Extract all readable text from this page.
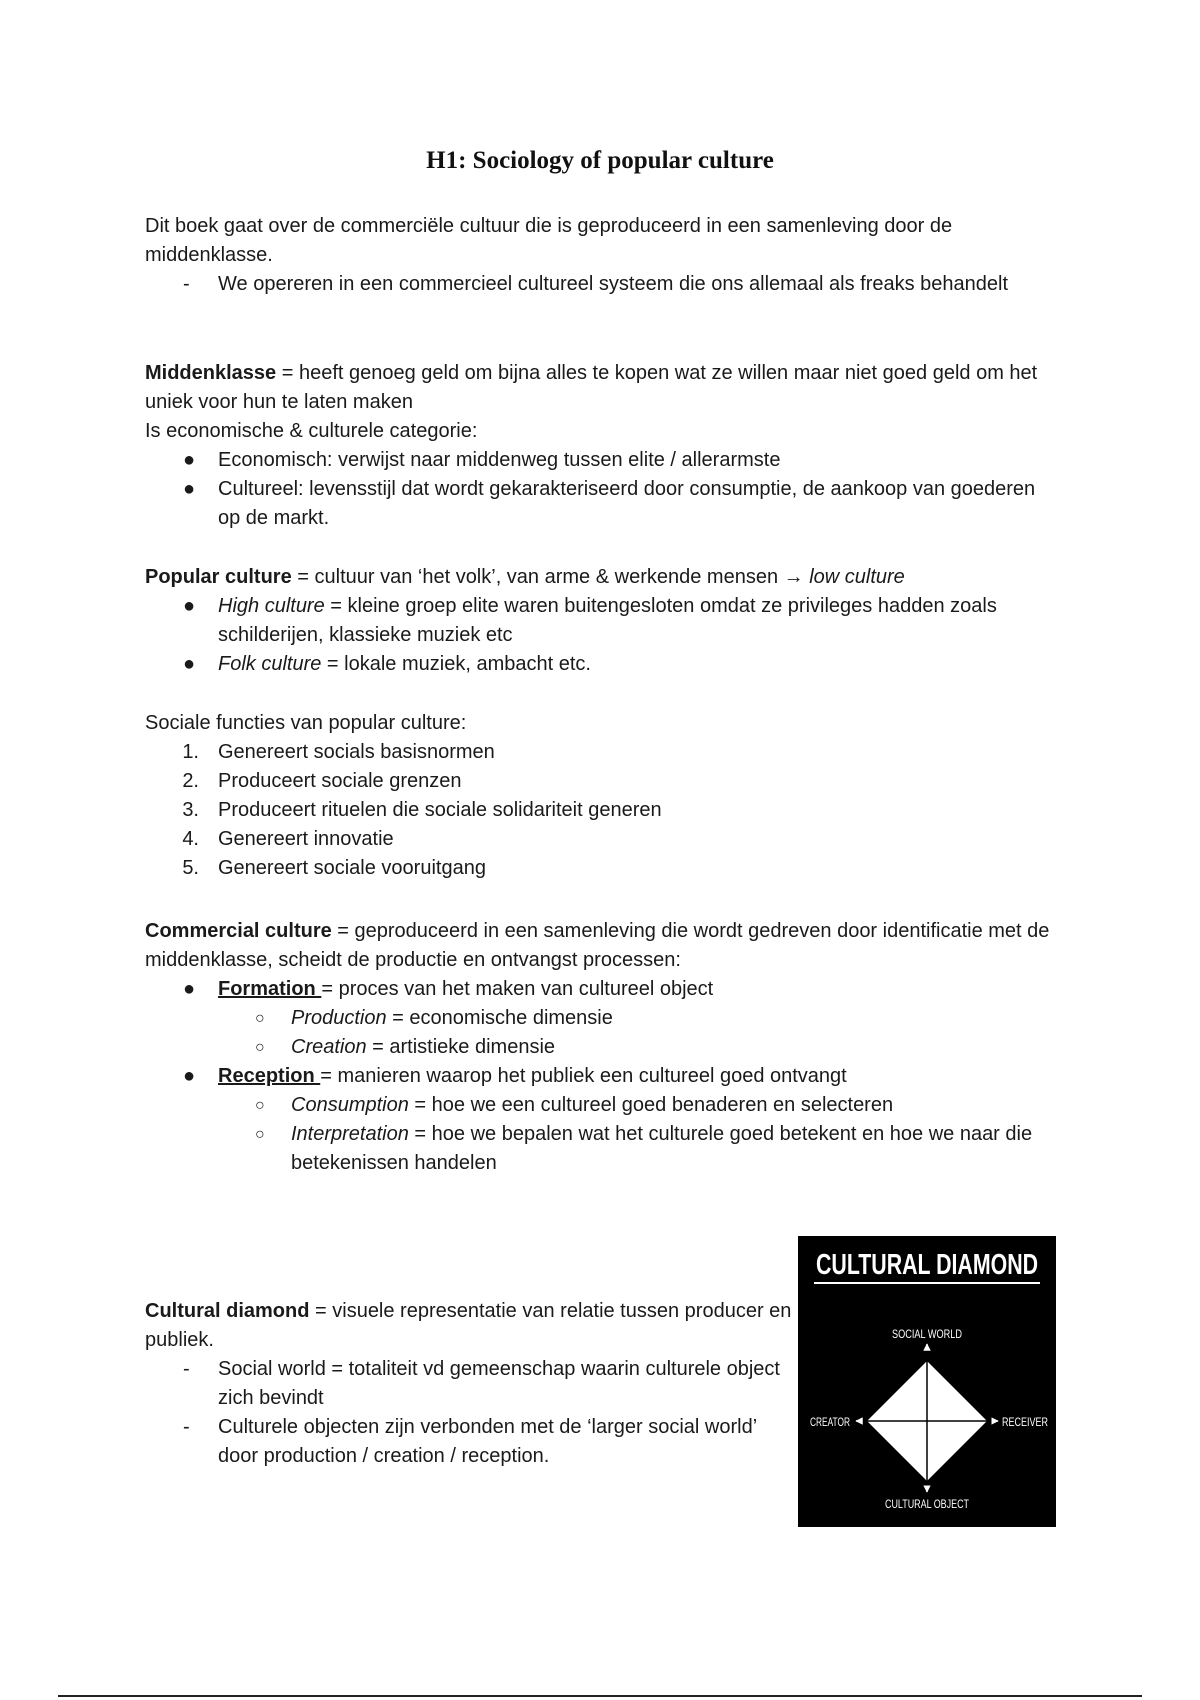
H1: Sociology of popular culture

Dit boek gaat over de commerciële cultuur die is geproduceerd in een samenleving door de middenklasse.

-	We opereren in een commercieel cultureel systeem die ons allemaal als freaks behandelt

Middenklasse = heeft genoeg geld om bijna alles te kopen wat ze willen maar niet goed geld om het uniek voor hun te laten maken

Is economische & culturele categorie:

●	Economisch: verwijst naar middenweg tussen elite / allerarmste
●	Cultureel: levensstijl dat wordt gekarakteriseerd door consumptie, de aankoop van goederen op de markt.

Popular culture = cultuur van ‘het volk’, van arme & werkende mensen → low culture

●	High culture = kleine groep elite waren buitengesloten omdat ze privileges hadden zoals schilderijen, klassieke muziek etc
●	Folk culture = lokale muziek, ambacht etc.

Sociale functies van popular culture:

1. Genereert socials basisnormen
2. Produceert sociale grenzen
3. Produceert rituelen die sociale solidariteit generen
4. Genereert innovatie
5. Genereert sociale vooruitgang

Commercial culture = geproduceerd in een samenleving die wordt gedreven door identificatie met de middenklasse, scheidt de productie en ontvangst processen:

●	Formation = proces van het maken van cultureel object
○ Production = economische dimensie
○ Creation = artistieke dimensie
●	Reception = manieren waarop het publiek een cultureel goed ontvangt
○ Consumption = hoe we een cultureel goed benaderen en selecteren
○ Interpretation = hoe we bepalen wat het culturele goed betekent en hoe we naar die betekenissen handelen

Cultural diamond = visuele representatie van relatie tussen producer en publiek.

-	Social world = totaliteit vd gemeenschap waarin culturele object zich bevindt
-	Culturele objecten zijn verbonden met de ‘larger social world’ door production / creation / reception.
CULTURAL DIAMOND
SOCIAL WORLD
CREATOR	RECEIVER
CULTURAL OBJECT
